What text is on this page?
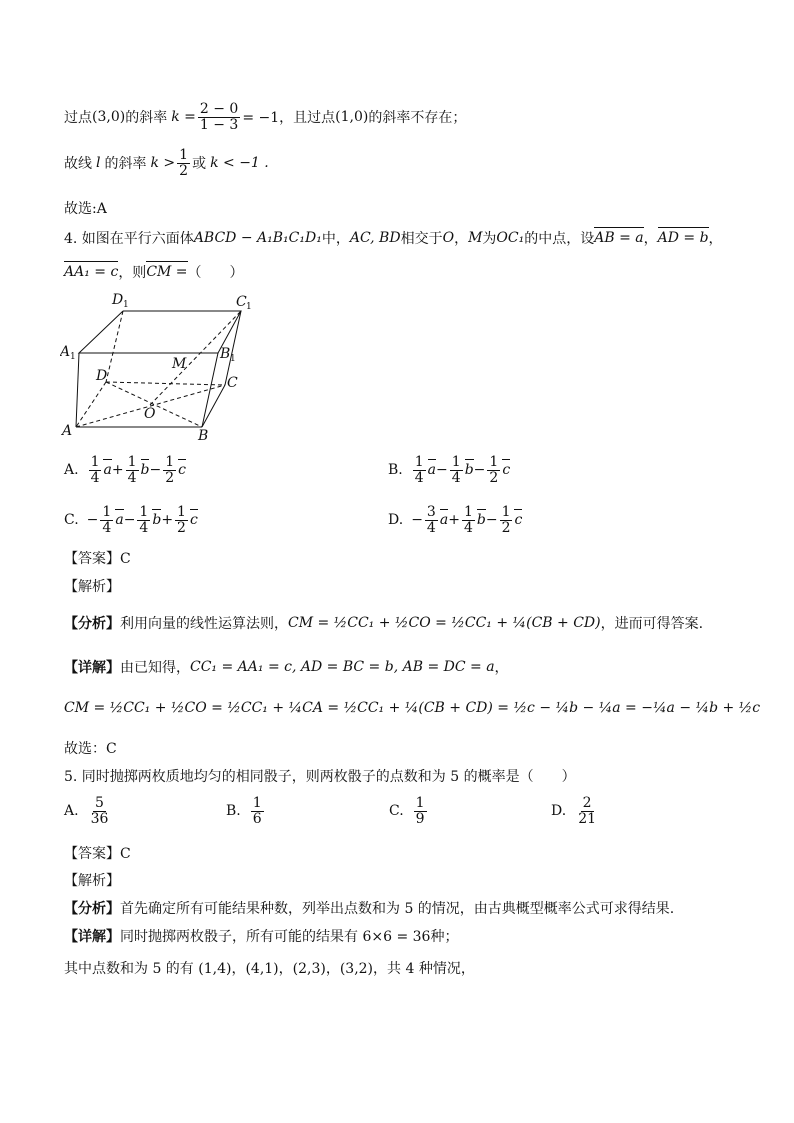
过点 (3,0) 的斜率 $k = \frac{2 - 0}{1 - 3} = -1$，且过点 (1,0) 的斜率不存在；
故线 l 的斜率 $k > \frac{1}{2}$ 或 k < −1 .
故选:A
4. 如图在平行六面体 ABCD − A₁B₁C₁D₁ 中， AC, BD 相交于 O ， M 为 OC₁ 的中点，设 AB = a ， AD = b ，
AA₁ = c ，则 CM = （　　）
D 1	C 1
A 1	B 1
D	C
M
O
A	B
A. $\frac{1}{4}$ $a + \frac{1}{4}$ $b - \frac{1}{2}$ c	B. $\frac{1}{4}$ $a - \frac{1}{4}$ $b - \frac{1}{2}$ c
C. − $\frac{1}{4}$ $a - \frac{1}{4}$ $b + \frac{1}{2}$ c	D. − $\frac{3}{4}$ $a + \frac{1}{4}$ $b - \frac{1}{2}$ c
【答案】C
【解析】
【分析】 利用向量的线性运算法则， CM = ½CC₁ + ½CO = ½CC₁ + ¼(CB + CD) ，进而可得答案.
【详解】 由已知得， CC₁ = AA₁ = c, AD = BC = b, AB = DC = a ，
CM = ½CC₁ + ½CO = ½CC₁ + ¼CA = ½CC₁ + ¼(CB + CD) = ½c − ¼b − ¼a = −¼a − ¼b + ½c
故选：C
5. 同时抛掷两枚质地均匀的相同骰子，则两枚骰子的点数和为 5 的概率是（　　）
A. $\frac{5}{36}$	B. $\frac{1}{6}$	C. $\frac{1}{9}$	D. $\frac{2}{21}$
【答案】C
【解析】
【分析】 首先确定所有可能结果种数，列举出点数和为 5 的情况，由古典概型概率公式可求得结果.
【详解】 同时抛掷两枚骰子，所有可能的结果有 6×6 = 36种；
其中点数和为 5 的有 (1,4)，(4,1)，(2,3)，(3,2)，共 4 种情况，
